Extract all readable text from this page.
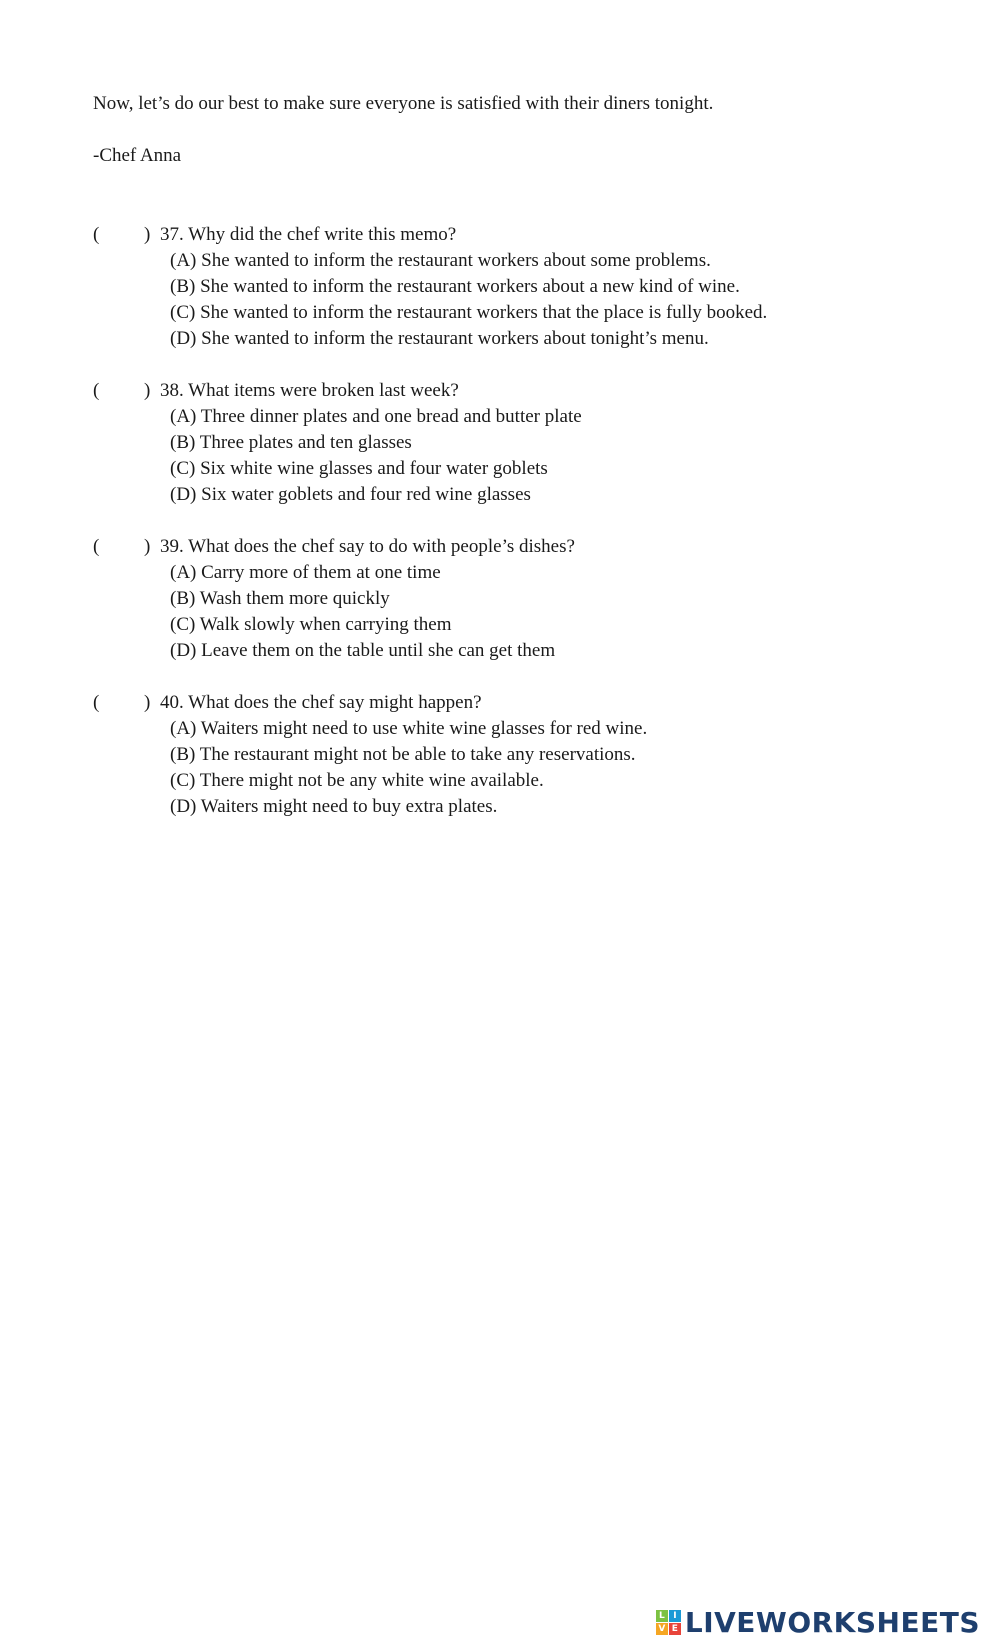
Now, let’s do our best to make sure everyone is satisfied with their diners tonight.
-Chef Anna
( ) 37. Why did the chef write this memo?
(A) She wanted to inform the restaurant workers about some problems.
(B) She wanted to inform the restaurant workers about a new kind of wine.
(C) She wanted to inform the restaurant workers that the place is fully booked.
(D) She wanted to inform the restaurant workers about tonight’s menu.
( ) 38. What items were broken last week?
(A) Three dinner plates and one bread and butter plate
(B) Three plates and ten glasses
(C) Six white wine glasses and four water goblets
(D) Six water goblets and four red wine glasses
( ) 39. What does the chef say to do with people’s dishes?
(A) Carry more of them at one time
(B) Wash them more quickly
(C) Walk slowly when carrying them
(D) Leave them on the table until she can get them
( ) 40. What does the chef say might happen?
(A) Waiters might need to use white wine glasses for red wine.
(B) The restaurant might not be able to take any reservations.
(C) There might not be any white wine available.
(D) Waiters might need to buy extra plates.
L I
V E LIVEWORKSHEETS
